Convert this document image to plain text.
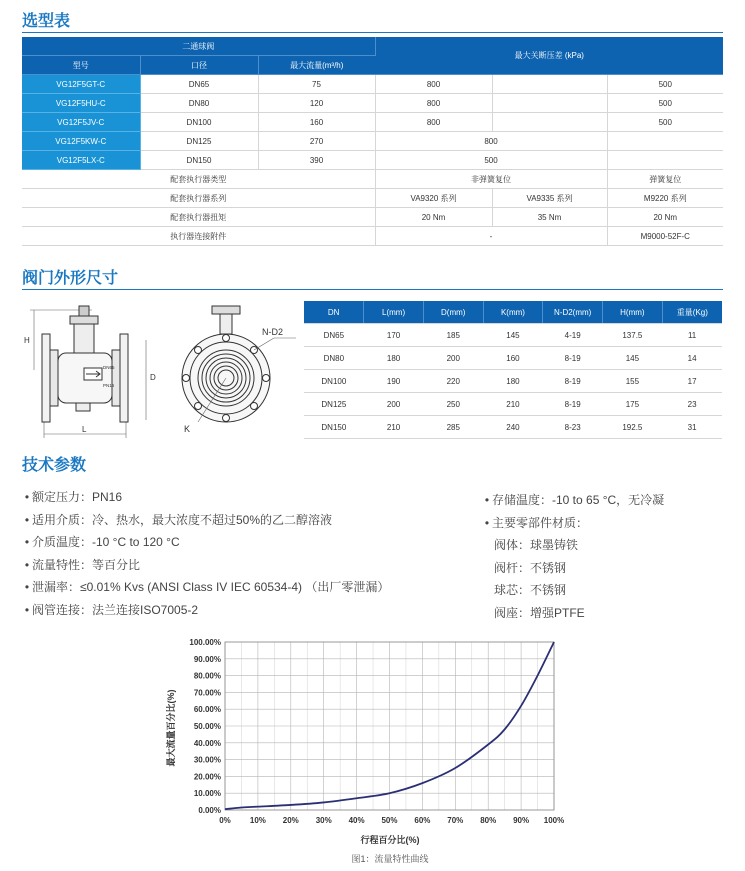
选型表
二通球阀			最大关断压差 (kPa)		
型号	口径	最大流量(m³/h)			
VG12F5GT-C	DN65	75	800		500
VG12F5HU-C	DN80	120	800		500
VG12F5JV-C	DN100	160	800		500
VG12F5KW-C	DN125	270	800		
VG12F5LX-C	DN150	390	500		
配套执行器类型			非弹簧复位		弹簧复位
配套执行器系列			VA9320 系列	VA9335 系列	M9220 系列
配套执行器扭矩			20 Nm	35 Nm	20 Nm
执行器连接附件			-		M9000-52F-C
阀门外形尺寸
H
L
D
DN65
PN16
N-D2
K
DN	L(mm)	D(mm)	K(mm)	N-D2(mm)	H(mm)	重量(Kg)
DN65	170	185	145	4-19	137.5	11
DN80	180	200	160	8-19	145	14
DN100	190	220	180	8-19	155	17
DN125	200	250	210	8-19	175	23
DN150	210	285	240	8-23	192.5	31
技术参数
• 额定压力：PN16
• 适用介质：冷、热水，最大浓度不超过50%的乙二醇溶液
• 介质温度：-10 °C to 120 °C
• 流量特性：等百分比
• 泄漏率：≤0.01% Kvs (ANSI Class IV IEC 60534-4) （出厂零泄漏）
• 阀管连接：法兰连接ISO7005-2
• 存储温度：-10 to 65 °C，无冷凝
• 主要零部件材质：
阀体：球墨铸铁
阀杆：不锈钢
球芯：不锈钢
阀座：增强PTFE
0% 10% 20% 30% 40% 50% 60% 70% 80% 90% 100%
0.00%
10.00%
20.00%
30.00%
40.00%
50.00%
60.00%
70.00%
80.00%
90.00%
100.00%
行程百分比(%)
图1：流量特性曲线
最大流量百分比(%)
